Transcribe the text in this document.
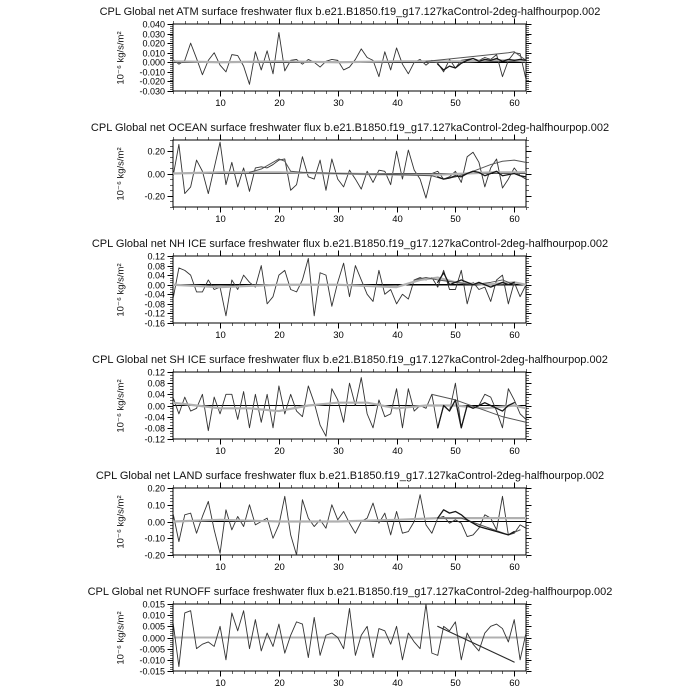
CPL Global net ATM surface freshwater flux b.e21.B1850.f19_g17.127kaControl-2deg-halfhourpop.002
10⁻⁶ kg/s/m²
0.040
0.030
0.020
0.010
0.000
-0.010
-0.020
-0.030
10	20	30	40	50	60
CPL Global net OCEAN surface freshwater flux b.e21.B1850.f19_g17.127kaControl-2deg-halfhourpop.002
10⁻⁶ kg/s/m² 0.20
0.00
-0.20
10	20	30	40	50	60
CPL Global net NH ICE surface freshwater flux b.e21.B1850.f19_g17.127kaControl-2deg-halfhourpop.002
10⁻⁶ kg/s/m²
0.12
0.08
0.04
0.00
-0.04
-0.08
-0.12
-0.16
10	20	30	40	50	60
CPL Global net SH ICE surface freshwater flux b.e21.B1850.f19_g17.127kaControl-2deg-halfhourpop.002
10⁻⁶ kg/s/m²
0.12
0.08
0.04
0.00
-0.04
-0.08
-0.12
10	20	30	40	50	60
CPL Global net LAND surface freshwater flux b.e21.B1850.f19_g17.127kaControl-2deg-halfhourpop.002
10⁻⁶ kg/s/m²
0.20
0.10
0.00
-0.10
-0.20
10	20	30	40	50	60
CPL Global net RUNOFF surface freshwater flux b.e21.B1850.f19_g17.127kaControl-2deg-halfhourpop.002
10⁻⁶ kg/s/m²
0.015
0.010
0.005
0.000
-0.005
-0.010
-0.015
10	20	30	40	50	60
